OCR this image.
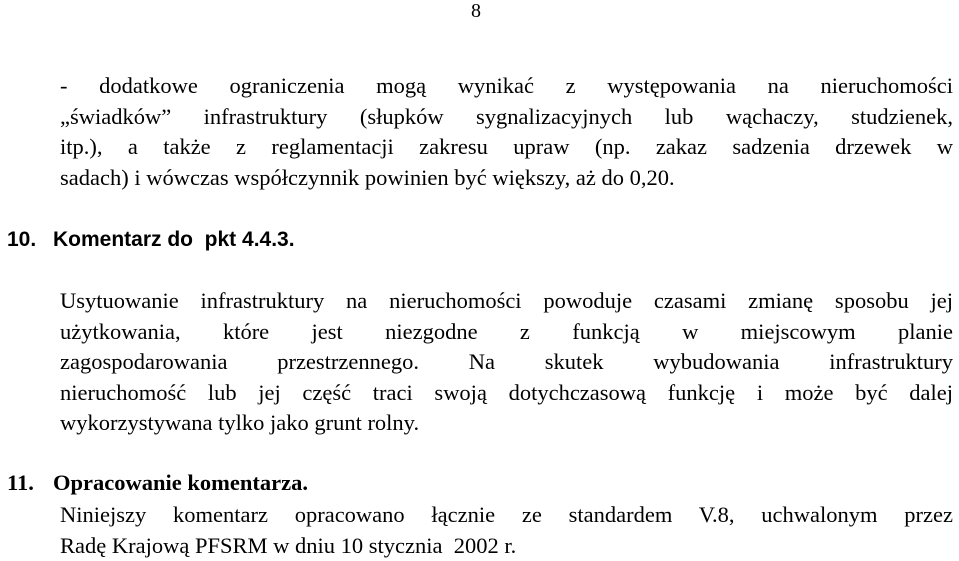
8
- dodatkowe ograniczenia mogą wynikać z występowania na nieruchomości
„świadków” infrastruktury (słupków sygnalizacyjnych lub wąchaczy, studzienek,
itp.), a także z reglamentacji zakresu upraw (np. zakaz sadzenia drzewek w
sadach) i wówczas współczynnik powinien być większy, aż do 0,20.
10. Komentarz do  pkt 4.4.3.
Usytuowanie infrastruktury na nieruchomości powoduje czasami zmianę sposobu jej
użytkowania, które jest niezgodne z funkcją w miejscowym planie
zagospodarowania przestrzennego. Na skutek wybudowania infrastruktury
nieruchomość lub jej część traci swoją dotychczasową funkcję i może być dalej
wykorzystywana tylko jako grunt rolny.
11. Opracowanie komentarza.
Niniejszy komentarz opracowano łącznie ze standardem V.8, uchwalonym przez
Radę Krajową PFSRM w dniu 10 stycznia  2002 r.
